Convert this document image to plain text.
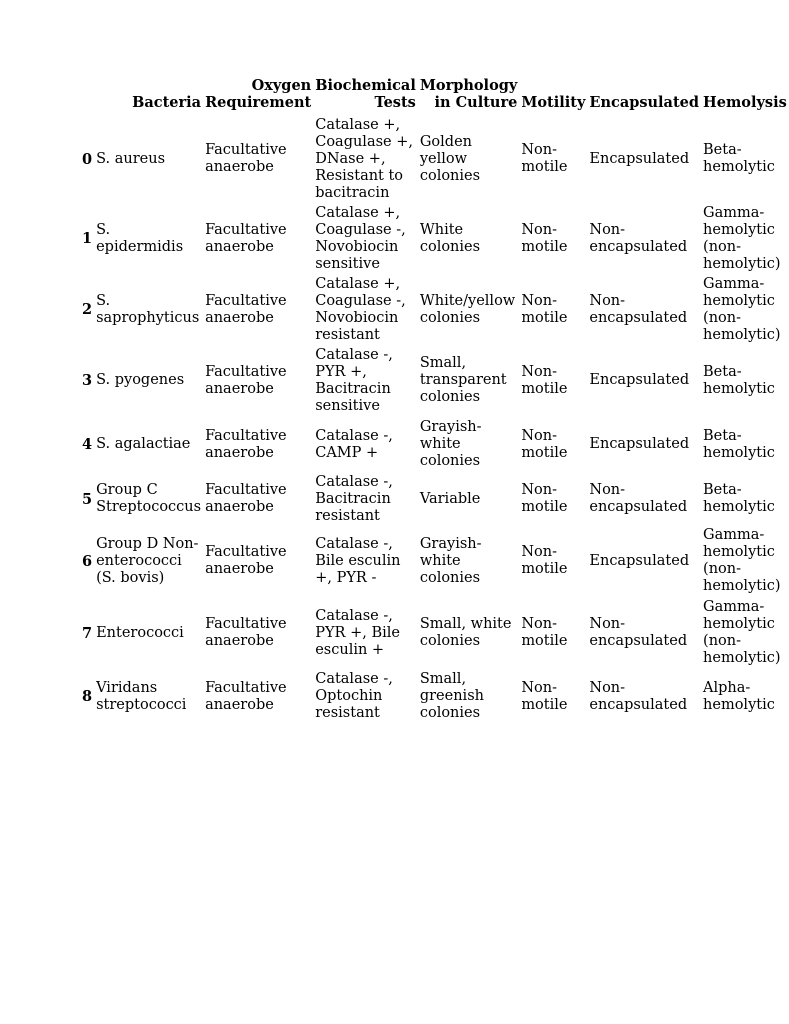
	Bacteria	Oxygen Requirement	Biochemical Tests	Morphology in Culture	Motility	Encapsulated	Hemolysis
0	S. aureus	Facultative anaerobe	Catalase +, Coagulase +, DNase +, Resistant to bacitracin	Golden yellow colonies	Non-motile	Encapsulated	Beta-hemolytic
1	S. epidermidis	Facultative anaerobe	Catalase +, Coagulase -, Novobiocin sensitive	White colonies	Non-motile	Non-encapsulated	Gamma-hemolytic (non-hemolytic)
2	S. saprophyticus	Facultative anaerobe	Catalase +, Coagulase -, Novobiocin resistant	White/yellow colonies	Non-motile	Non-encapsulated	Gamma-hemolytic (non-hemolytic)
3	S. pyogenes	Facultative anaerobe	Catalase -, PYR +, Bacitracin sensitive	Small, transparent colonies	Non-motile	Encapsulated	Beta-hemolytic
4	S. agalactiae	Facultative anaerobe	Catalase -, CAMP +	Grayish-white colonies	Non-motile	Encapsulated	Beta-hemolytic
5	Group C Streptococcus	Facultative anaerobe	Catalase -, Bacitracin resistant	Variable	Non-motile	Non-encapsulated	Beta-hemolytic
6	Group D Non-enterococci (S. bovis)	Facultative anaerobe	Catalase -, Bile esculin +, PYR -	Grayish-white colonies	Non-motile	Encapsulated	Gamma-hemolytic (non-hemolytic)
7	Enterococci	Facultative anaerobe	Catalase -, PYR +, Bile esculin +	Small, white colonies	Non-motile	Non-encapsulated	Gamma-hemolytic (non-hemolytic)
8	Viridans streptococci	Facultative anaerobe	Catalase -, Optochin resistant	Small, greenish colonies	Non-motile	Non-encapsulated	Alpha-hemolytic
